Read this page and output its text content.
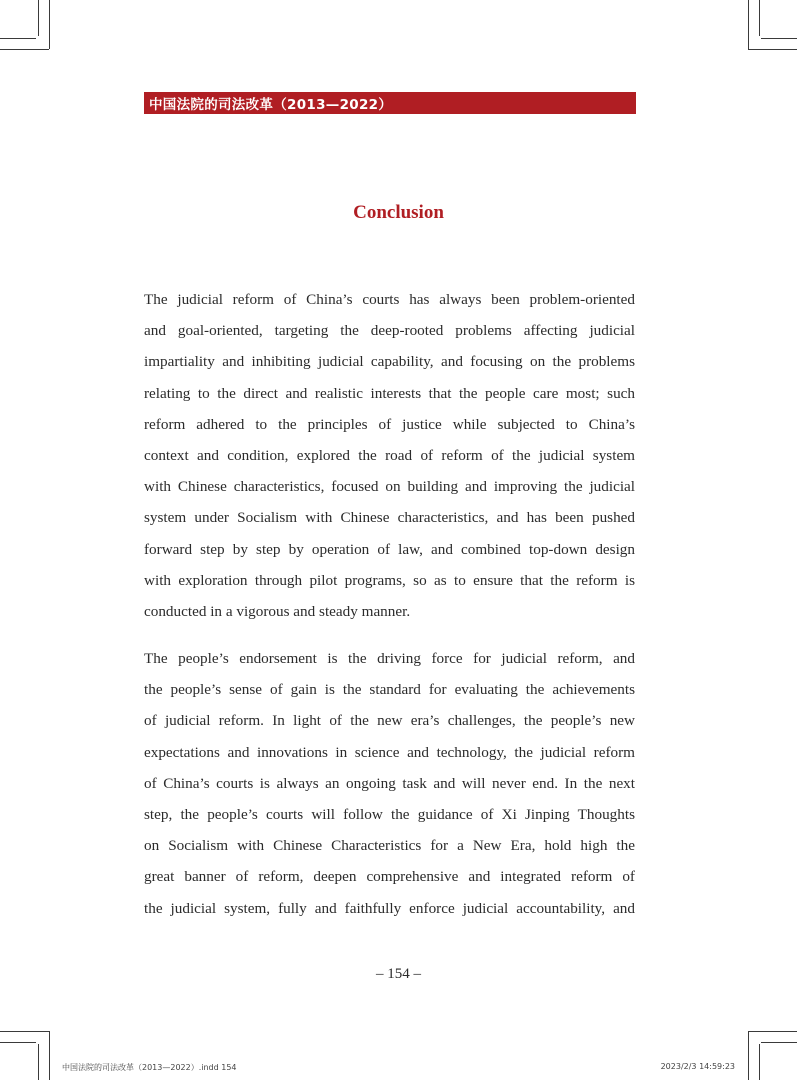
中国法院的司法改革（2013—2022）
Conclusion
The judicial reform of China’s courts has always been problem-oriented
and goal-oriented, targeting the deep-rooted problems affecting judicial
impartiality and inhibiting judicial capability, and focusing on the problems
relating to the direct and realistic interests that the people care most; such
reform adhered to the principles of justice while subjected to China’s
context and condition, explored the road of reform of the judicial system
with Chinese characteristics, focused on building and improving the judicial
system under Socialism with Chinese characteristics, and has been pushed
forward step by step by operation of law, and combined top-down design
with exploration through pilot programs, so as to ensure that the reform is
conducted in a vigorous and steady manner.
The people’s endorsement is the driving force for judicial reform, and
the people’s sense of gain is the standard for evaluating the achievements
of judicial reform. In light of the new era’s challenges, the people’s new
expectations and innovations in science and technology, the judicial reform
of China’s courts is always an ongoing task and will never end. In the next
step, the people’s courts will follow the guidance of Xi Jinping Thoughts
on Socialism with Chinese Characteristics for a New Era, hold high the
great banner of reform, deepen comprehensive and integrated reform of
the judicial system, fully and faithfully enforce judicial accountability, and
– 154 –
中国法院的司法改革（2013—2022）.indd 154	2023/2/3 14:59:23
